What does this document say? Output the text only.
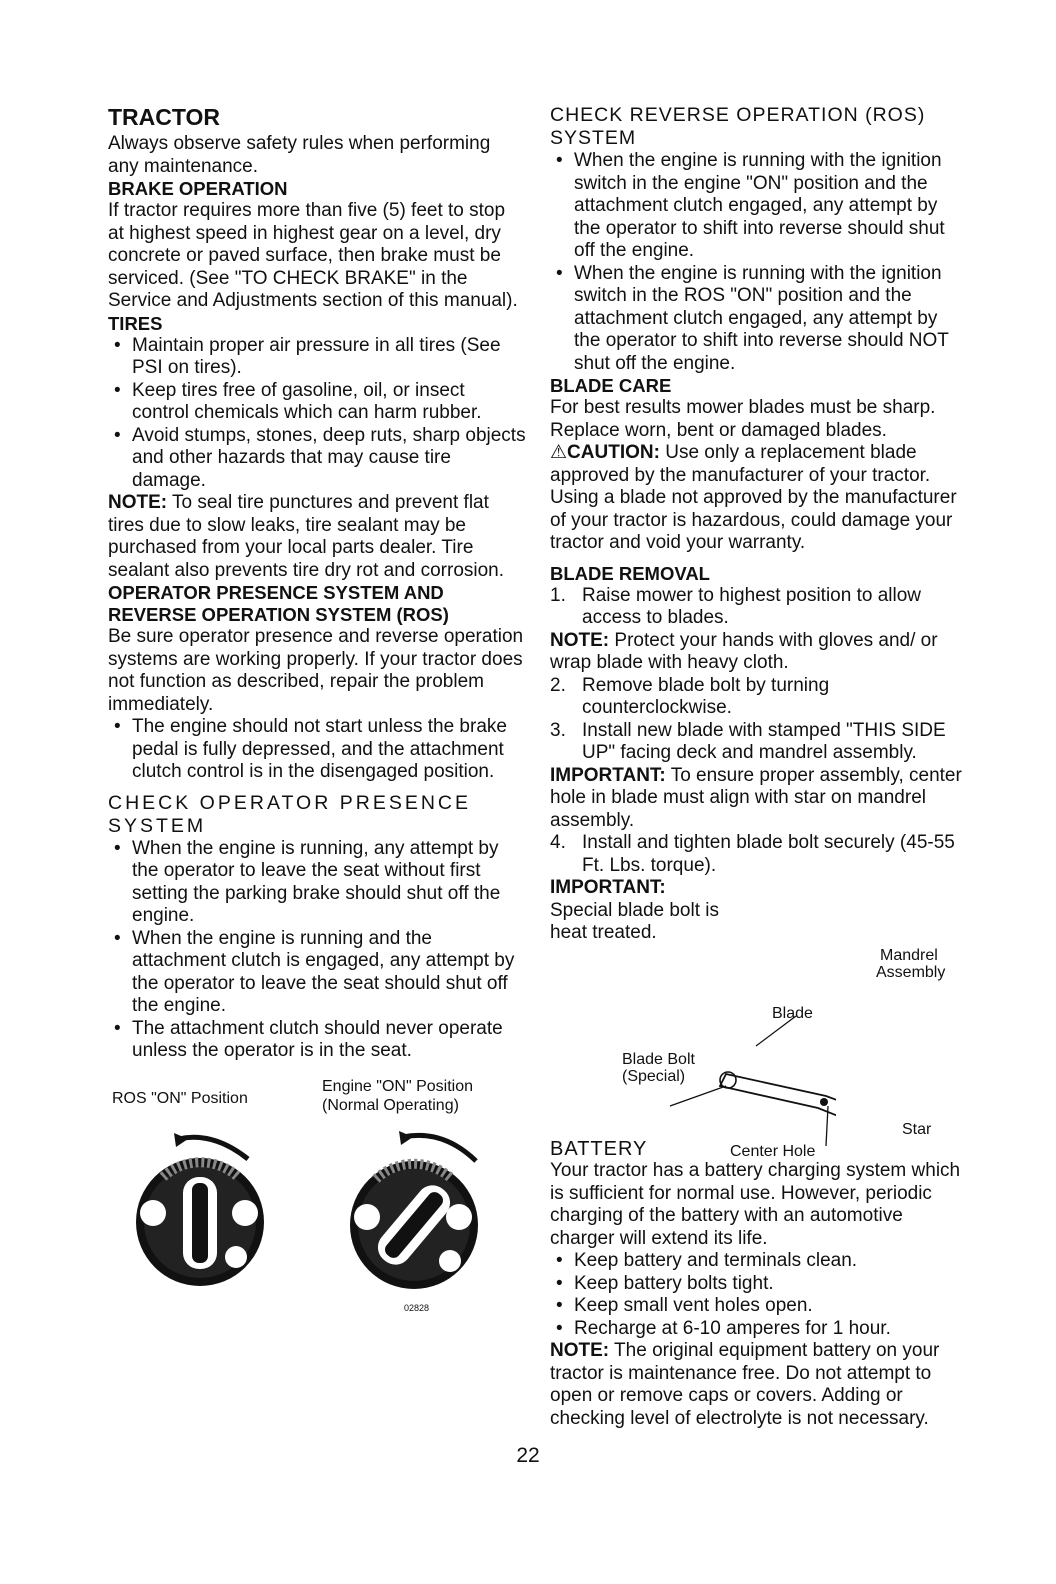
TRACTOR

Always observe safety rules when performing any maintenance.

BRAKE OPERATION

If tractor requires more than five (5) feet to stop at highest speed in highest gear on a level, dry concrete or paved surface, then brake must be serviced. (See "TO CHECK BRAKE" in the Service and Adjustments section of this manual).

TIRES
• Maintain proper air pressure in all tires (See PSI on tires).
• Keep tires free of gasoline, oil, or insect control chemicals which can harm rubber.
• Avoid stumps, stones, deep ruts, sharp objects and other hazards that may cause tire damage.

NOTE: To seal tire punctures and prevent flat tires due to slow leaks, tire sealant may be purchased from your local parts dealer. Tire sealant also prevents tire dry rot and corrosion.

OPERATOR PRESENCE SYSTEM AND REVERSE OPERATION SYSTEM (ROS)

Be sure operator presence and reverse operation systems are working properly. If your tractor does not function as described, repair the problem immediately.

• The engine should not start unless the brake pedal is fully depressed, and the attachment clutch control is in the disengaged position.
CHECK OPERATOR PRESENCE SYSTEM
• When the engine is running, any attempt by the operator to leave the seat without first setting the parking brake should shut off the engine.
• When the engine is running and the attachment clutch is engaged, any attempt by the operator to leave the seat should shut off the engine.
• The attachment clutch should never operate unless the operator is in the seat.
ROS "ON" Position
Engine "ON" Position
(Normal Operating)
02828
CHECK REVERSE OPERATION (ROS) SYSTEM
• When the engine is running with the ignition switch in the engine "ON" position and the attachment clutch engaged, any attempt by the operator to shift into reverse should shut off the engine.
• When the engine is running with the ignition switch in the ROS "ON" position and the attachment clutch engaged, any attempt by the operator to shift into reverse should NOT shut off the engine.
BLADE CARE

For best results mower blades must be sharp. Replace worn, bent or damaged blades.

⚠CAUTION: Use only a replacement blade approved by the manufacturer of your tractor. Using a blade not approved by the manufacturer of your tractor is hazardous, could damage your tractor and void your warranty.

BLADE REMOVAL
1. Raise mower to highest position to allow access to blades.

NOTE: Protect your hands with gloves and/ or wrap blade with heavy cloth.

2. Remove blade bolt by turning counterclockwise.
3. Install new blade with stamped "THIS SIDE UP" facing deck and mandrel assembly.

IMPORTANT: To ensure proper assembly, center hole in blade must align with star on mandrel assembly.

4. Install and tighten blade bolt securely (45-55 Ft. Lbs. torque).

IMPORTANT: Special blade bolt is heat treated.

Mandrel
Assembly
Blade
Blade Bolt
(Special)
Star
Center Hole
BATTERY

Your tractor has a battery charging system which is sufficient for normal use. However, periodic charging of the battery with an automotive charger will extend its life.

• Keep battery and terminals clean.
• Keep battery bolts tight.
• Keep small vent holes open.
• Recharge at 6-10 amperes for 1 hour.

NOTE: The original equipment battery on your tractor is maintenance free. Do not attempt to open or remove caps or covers. Adding or checking level of electrolyte is not necessary.

22
